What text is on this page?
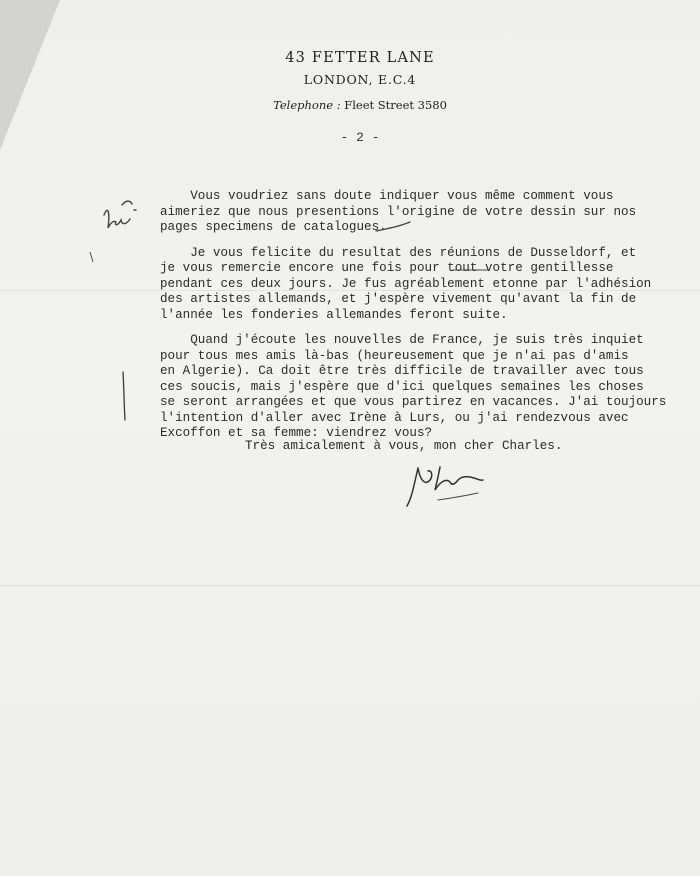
43 FETTER LANE
LONDON, E.C.4
Telephone : Fleet Street 3580
- 2 -

Vous voudriez sans doute indiquer vous même comment vous
aimeriez que nous presentions l'origine de votre dessin sur nos
pages specimens de catalogues.

Je vous felicite du resultat des réunions de Dusseldorf, et
je vous remercie encore une fois pour tout votre gentillesse
pendant ces deux jours. Je fus agréablement etonne par l'adhésion
des artistes allemands, et j'espère vivement qu'avant la fin de
l'année les fonderies allemandes feront suite.

Quand j'écoute les nouvelles de France, je suis très inquiet
pour tous mes amis là-bas (heureusement que je n'ai pas d'amis
en Algerie). Ca doit être très difficile de travailler avec tous
ces soucis, mais j'espère que d'ici quelques semaines les choses
se seront arrangées et que vous partirez en vacances. J'ai toujours
l'intention d'aller avec Irène à Lurs, ou j'ai rendezvous avec
Excoffon et sa femme: viendrez vous?

Très amicalement à vous, mon cher Charles.
